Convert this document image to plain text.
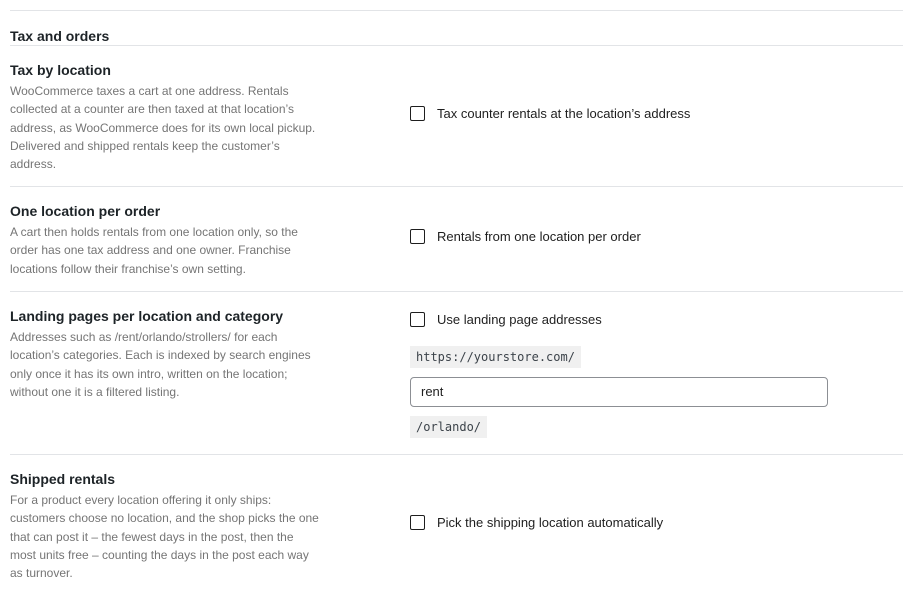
Tax and orders
Tax by location
WooCommerce taxes a cart at one address. Rentals collected at a counter are then taxed at that location’s address, as WooCommerce does for its own local pickup. Delivered and shipped rentals keep the customer’s address.
Tax counter rentals at the location’s address
One location per order
A cart then holds rentals from one location only, so the order has one tax address and one owner. Franchise locations follow their franchise’s own setting.
Rentals from one location per order
Landing pages per location and category
Addresses such as /rent/orlando/strollers/ for each location’s categories. Each is indexed by search engines only once it has its own intro, written on the location; without one it is a filtered listing.
Use landing page addresses
https://yourstore.com/
rent
/orlando/
Shipped rentals
For a product every location offering it only ships: customers choose no location, and the shop picks the one that can post it – the fewest days in the post, then the most units free – counting the days in the post each way as turnover.
Pick the shipping location automatically
